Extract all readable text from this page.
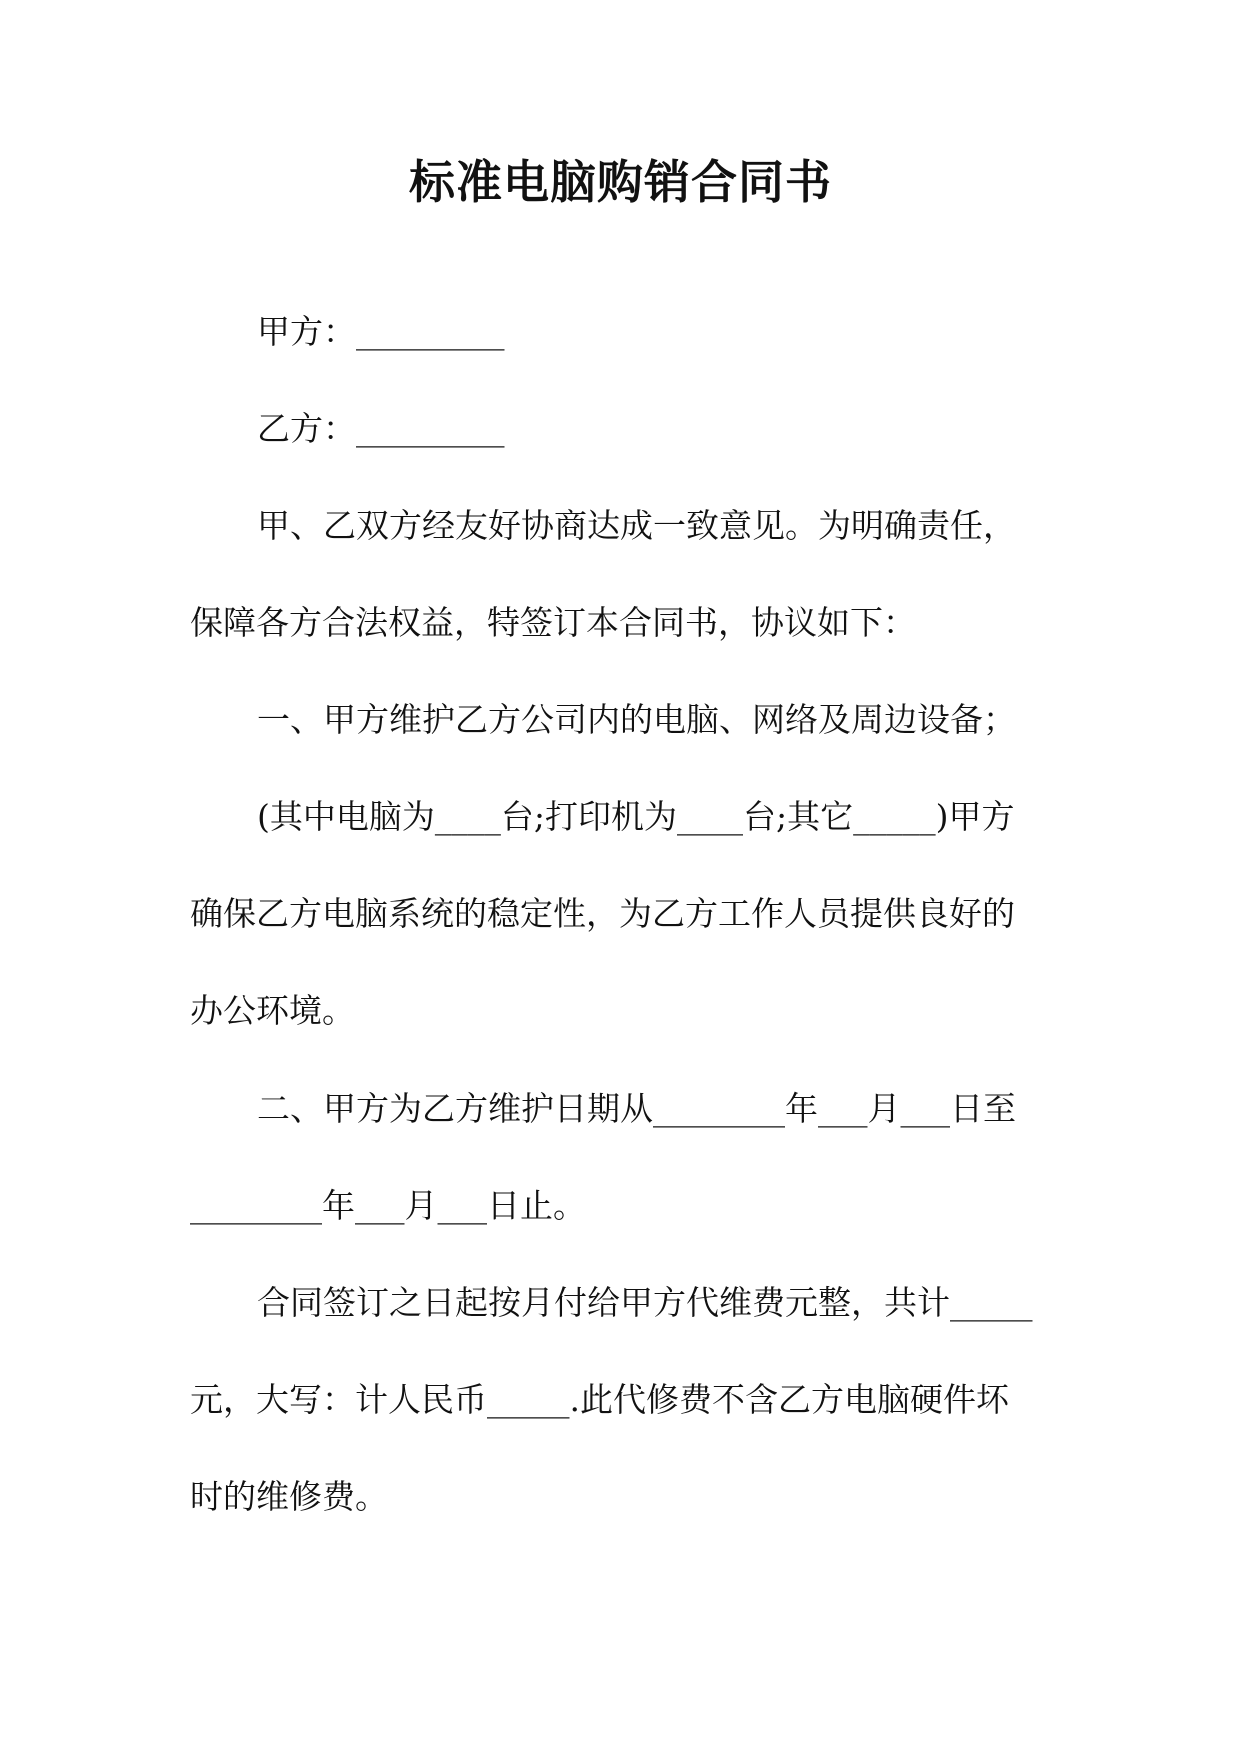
标准电脑购销合同书

甲方：_________

乙方：_________

甲、乙双方经友好协商达成一致意见。为明确责任，

保障各方合法权益，特签订本合同书，协议如下：

一、甲方维护乙方公司内的电脑、网络及周边设备；

(其中电脑为____台;打印机为____台;其它_____)甲方

确保乙方电脑系统的稳定性，为乙方工作人员提供良好的

办公环境。

二、甲方为乙方维护日期从________年___月___日至

________年___月___日止。

合同签订之日起按月付给甲方代维费元整，共计_____

元，大写：计人民币_____.此代修费不含乙方电脑硬件坏

时的维修费。
